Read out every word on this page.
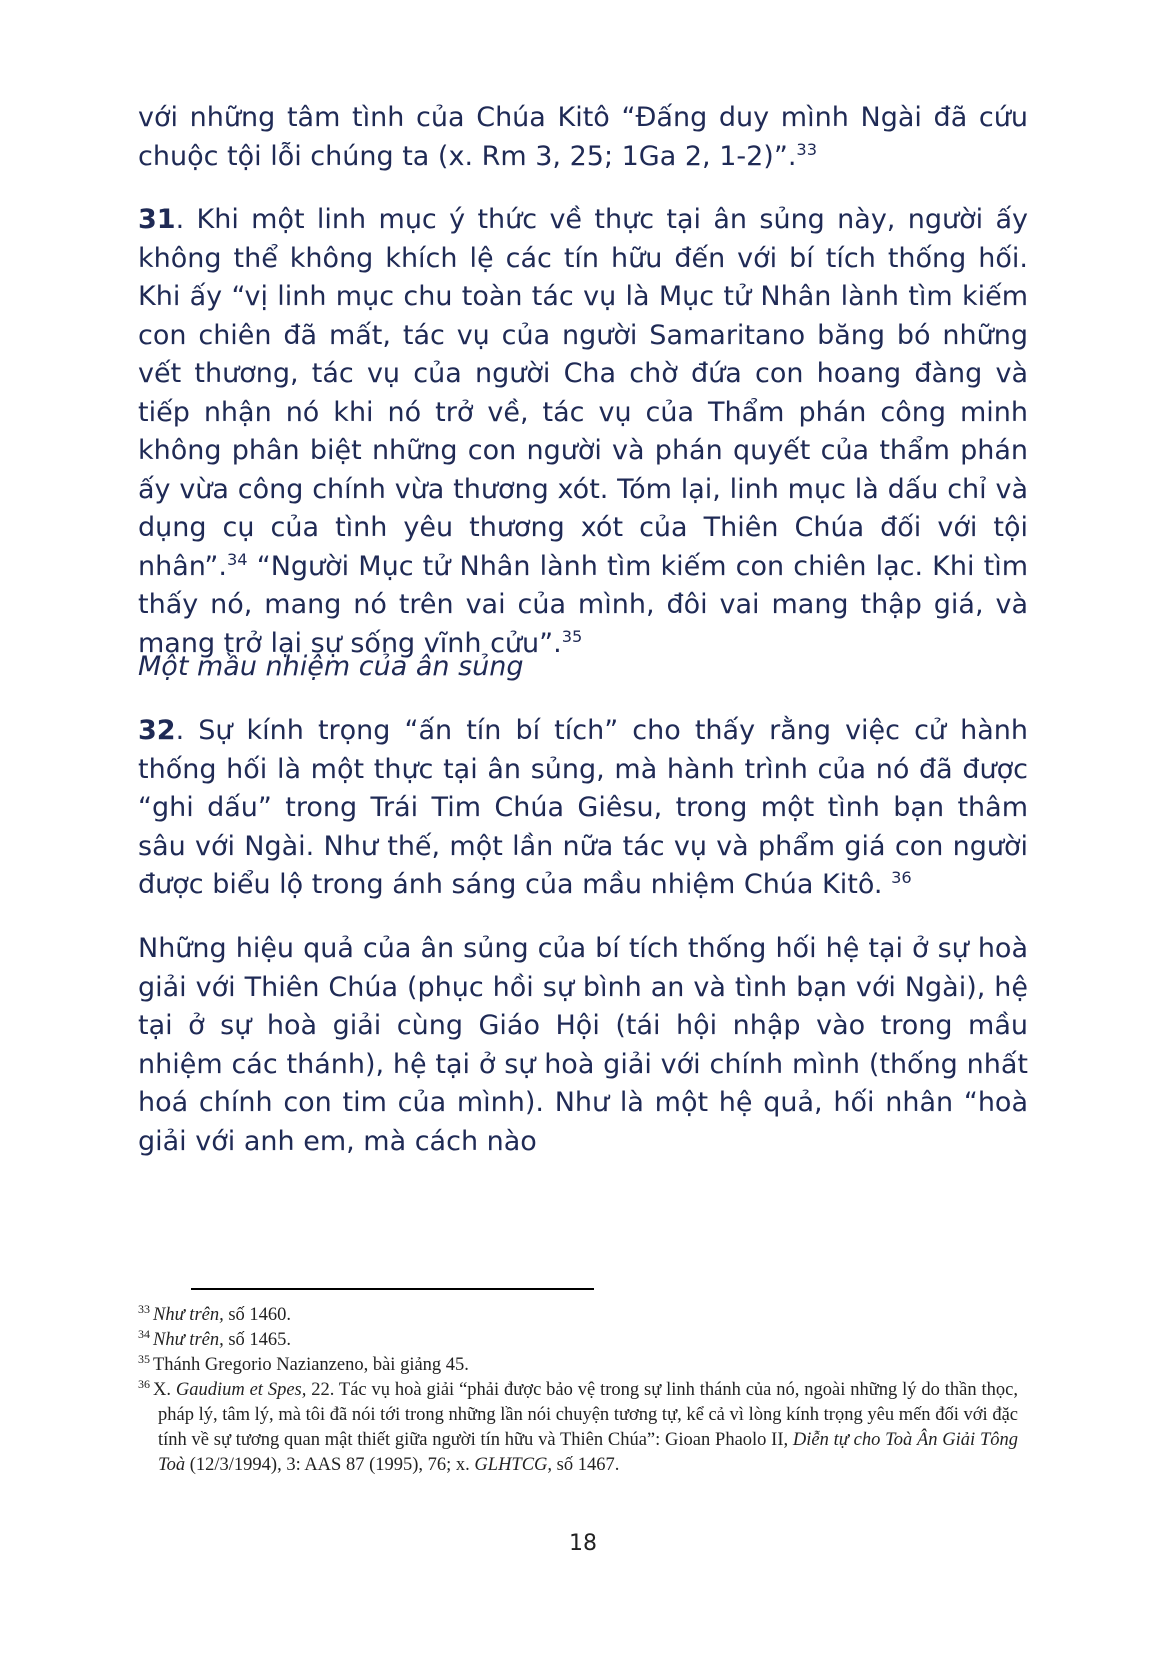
với những tâm tình của Chúa Kitô “Đấng duy mình Ngài đã cứu chuộc tội lỗi chúng ta (x. Rm 3, 25; 1Ga 2, 1-2)”.$^{33}$

31. Khi một linh mục ý thức về thực tại ân sủng này, người ấy không thể không khích lệ các tín hữu đến với bí tích thống hối. Khi ấy “vị linh mục chu toàn tác vụ là Mục tử Nhân lành tìm kiếm con chiên đã mất, tác vụ của người Samaritano băng bó những vết thương, tác vụ của người Cha chờ đứa con hoang đàng và tiếp nhận nó khi nó trở về, tác vụ của Thẩm phán công minh không phân biệt những con người và phán quyết của thẩm phán ấy vừa công chính vừa thương xót. Tóm lại, linh mục là dấu chỉ và dụng cụ của tình yêu thương xót của Thiên Chúa đối với tội nhân”.$^{34}$ “Người Mục tử Nhân lành tìm kiếm con chiên lạc. Khi tìm thấy nó, mang nó trên vai của mình, đôi vai mang thập giá, và mang trở lại sự sống vĩnh cửu”.$^{35}$

Một mầu nhiệm của ân sủng

32. Sự kính trọng “ấn tín bí tích” cho thấy rằng việc cử hành thống hối là một thực tại ân sủng, mà hành trình của nó đã được “ghi dấu” trong Trái Tim Chúa Giêsu, trong một tình bạn thâm sâu với Ngài. Như thế, một lần nữa tác vụ và phẩm giá con người được biểu lộ trong ánh sáng của mầu nhiệm Chúa Kitô. $^{36}$

Những hiệu quả của ân sủng của bí tích thống hối hệ tại ở sự hoà giải với Thiên Chúa (phục hồi sự bình an và tình bạn với Ngài), hệ tại ở sự hoà giải cùng Giáo Hội (tái hội nhập vào trong mầu nhiệm các thánh), hệ tại ở sự hoà giải với chính mình (thống nhất hoá chính con tim của mình). Như là một hệ quả, hối nhân “hoà giải với anh em, mà cách nào

$^{33}$ Như trên, số 1460.

$^{34}$ Như trên, số 1465.

$^{35}$ Thánh Gregorio Nazianzeno, bài giảng 45.

$^{36}$ X. Gaudium et Spes, 22. Tác vụ hoà giải “phải được bảo vệ trong sự linh thánh của nó, ngoài những lý do thần thọc, pháp lý, tâm lý, mà tôi đã nói tới trong những lần nói chuyện tương tự, kể cả vì lòng kính trọng yêu mến đối với đặc tính về sự tương quan mật thiết giữa người tín hữu và Thiên Chúa”: Gioan Phaolo II, Diễn tự cho Toà Ân Giải Tông Toà (12/3/1994), 3: AAS 87 (1995), 76; x. GLHTCG, số 1467.

18
